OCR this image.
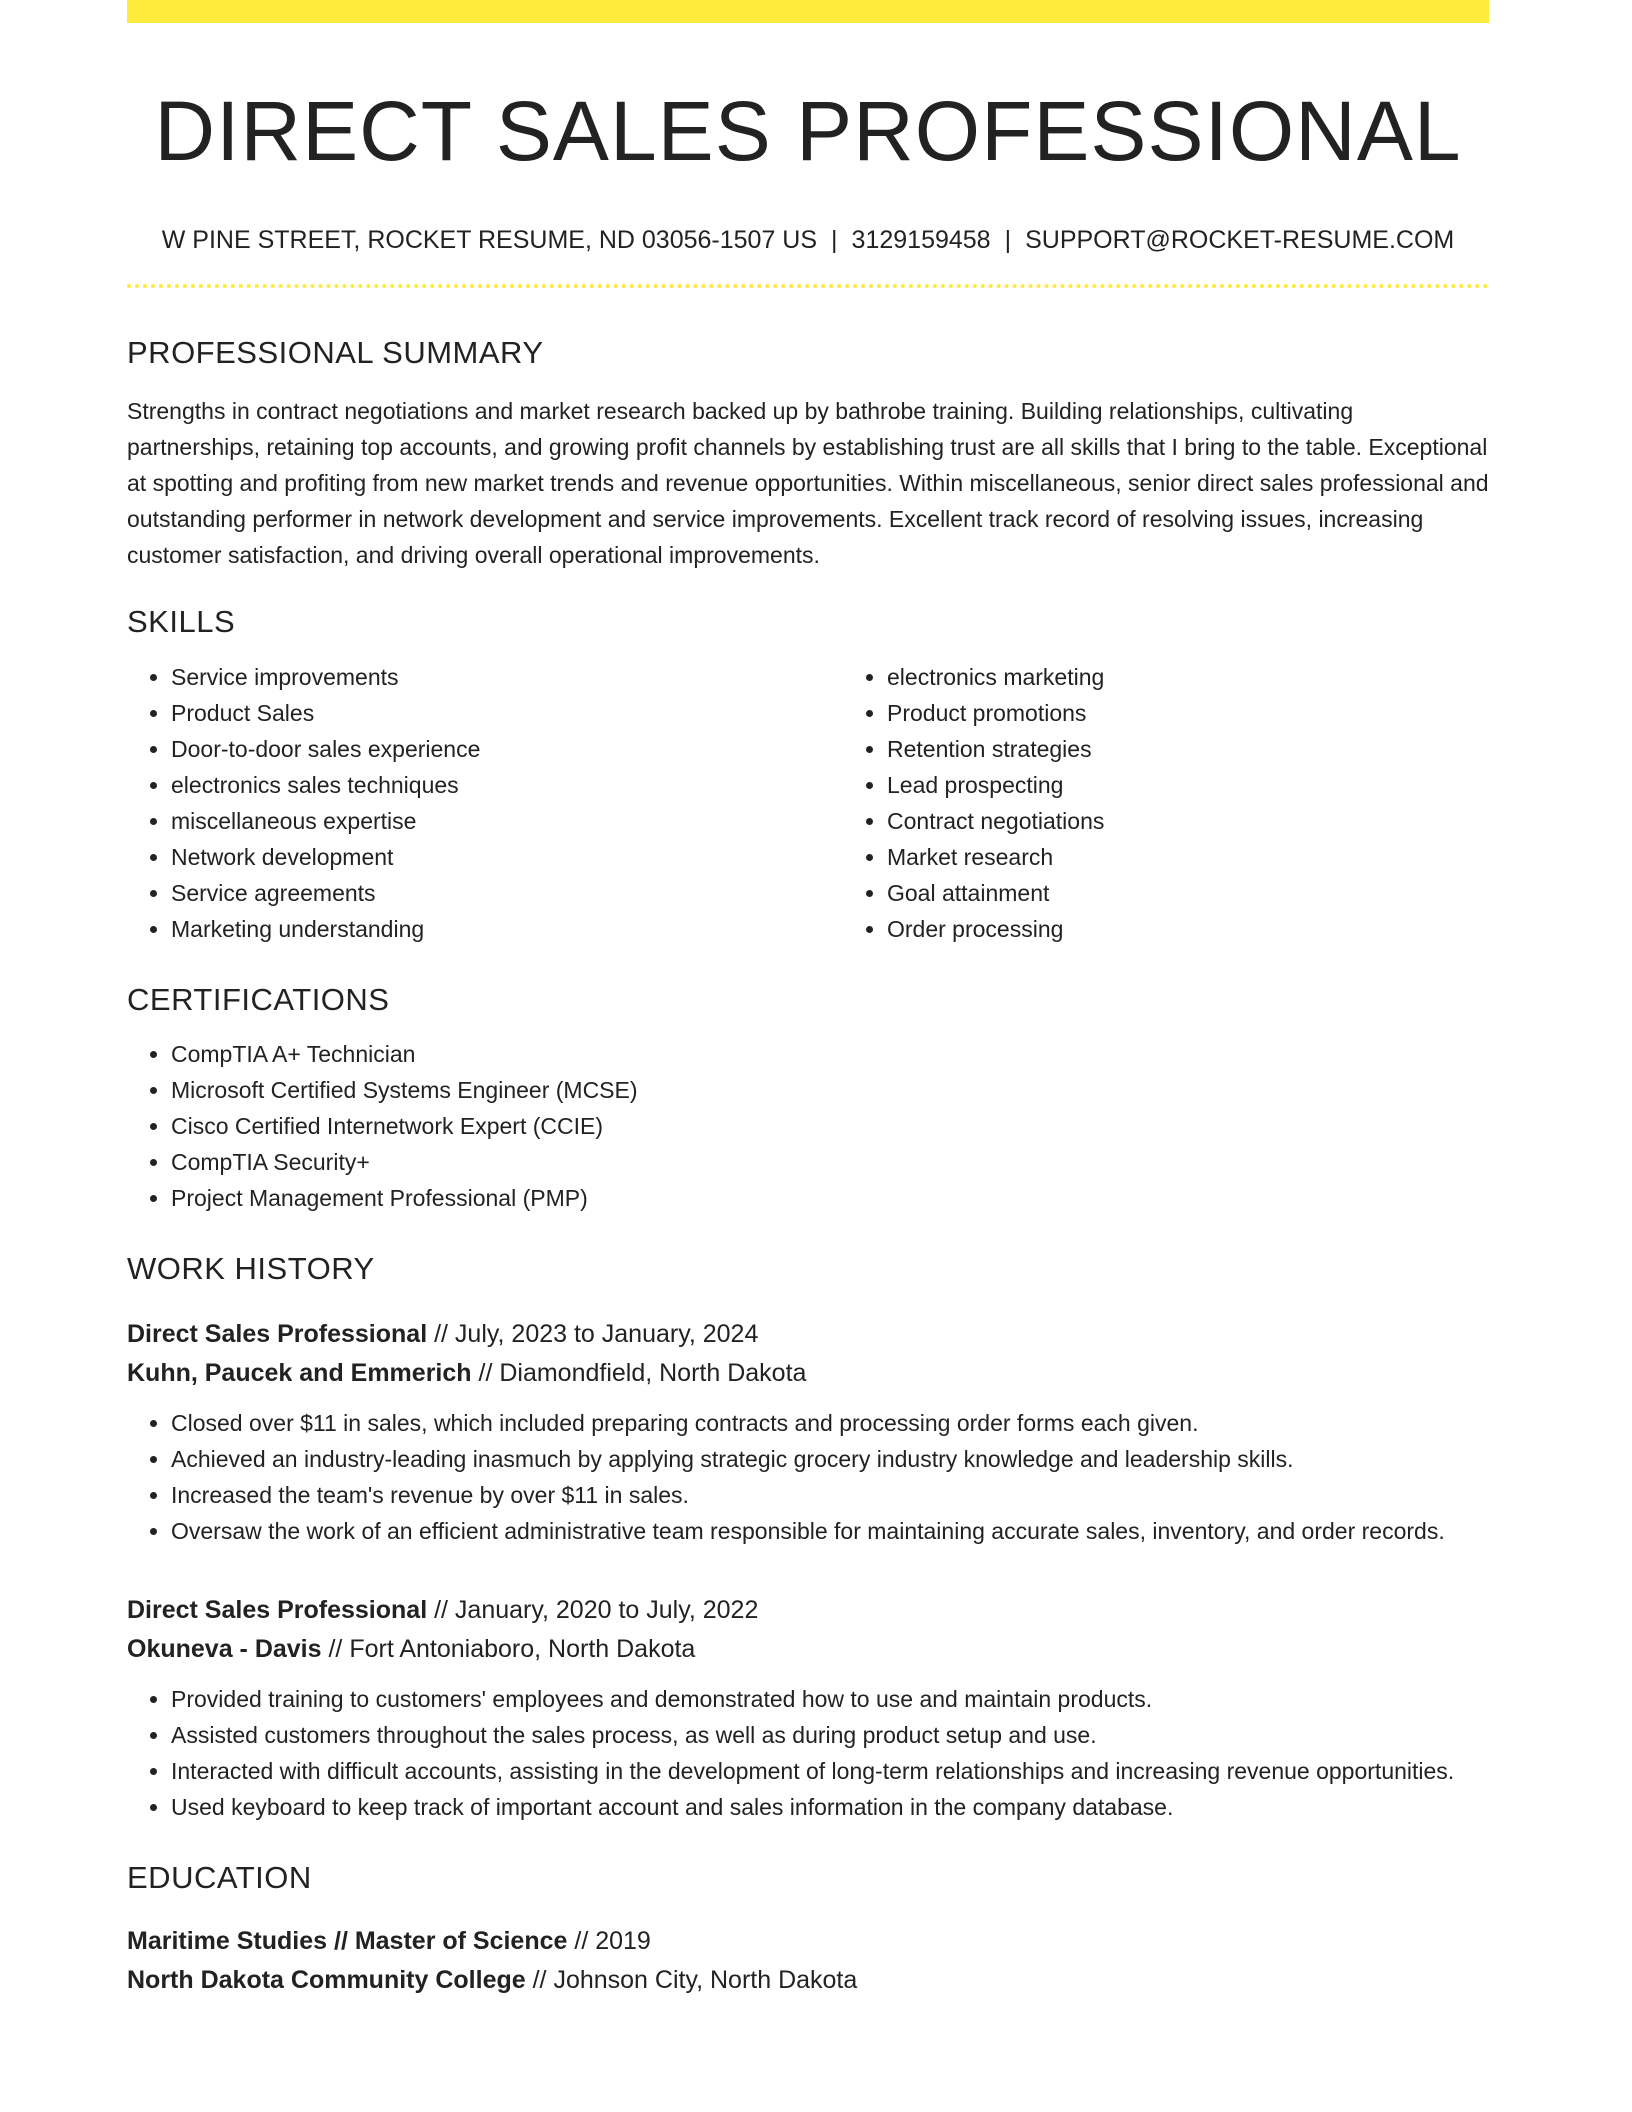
DIRECT SALES PROFESSIONAL
W PINE STREET, ROCKET RESUME, ND 03056-1507 US | 3129159458 | SUPPORT@ROCKET-RESUME.COM
PROFESSIONAL SUMMARY
Strengths in contract negotiations and market research backed up by bathrobe training. Building relationships, cultivating partnerships, retaining top accounts, and growing profit channels by establishing trust are all skills that I bring to the table. Exceptional at spotting and profiting from new market trends and revenue opportunities. Within miscellaneous, senior direct sales professional and outstanding performer in network development and service improvements. Excellent track record of resolving issues, increasing customer satisfaction, and driving overall operational improvements.
SKILLS
• Service improvements
• Product Sales
• Door-to-door sales experience
• electronics sales techniques
• miscellaneous expertise
• Network development
• Service agreements
• Marketing understanding
• electronics marketing
• Product promotions
• Retention strategies
• Lead prospecting
• Contract negotiations
• Market research
• Goal attainment
• Order processing
CERTIFICATIONS
• CompTIA A+ Technician
• Microsoft Certified Systems Engineer (MCSE)
• Cisco Certified Internetwork Expert (CCIE)
• CompTIA Security+
• Project Management Professional (PMP)
WORK HISTORY
Direct Sales Professional // July, 2023 to January, 2024
Kuhn, Paucek and Emmerich // Diamondfield, North Dakota
• Closed over $11 in sales, which included preparing contracts and processing order forms each given.
• Achieved an industry-leading inasmuch by applying strategic grocery industry knowledge and leadership skills.
• Increased the team's revenue by over $11 in sales.
• Oversaw the work of an efficient administrative team responsible for maintaining accurate sales, inventory, and order records.
Direct Sales Professional // January, 2020 to July, 2022
Okuneva - Davis // Fort Antoniaboro, North Dakota
• Provided training to customers' employees and demonstrated how to use and maintain products.
• Assisted customers throughout the sales process, as well as during product setup and use.
• Interacted with difficult accounts, assisting in the development of long-term relationships and increasing revenue opportunities.
• Used keyboard to keep track of important account and sales information in the company database.
EDUCATION
Maritime Studies // Master of Science // 2019
North Dakota Community College // Johnson City, North Dakota
